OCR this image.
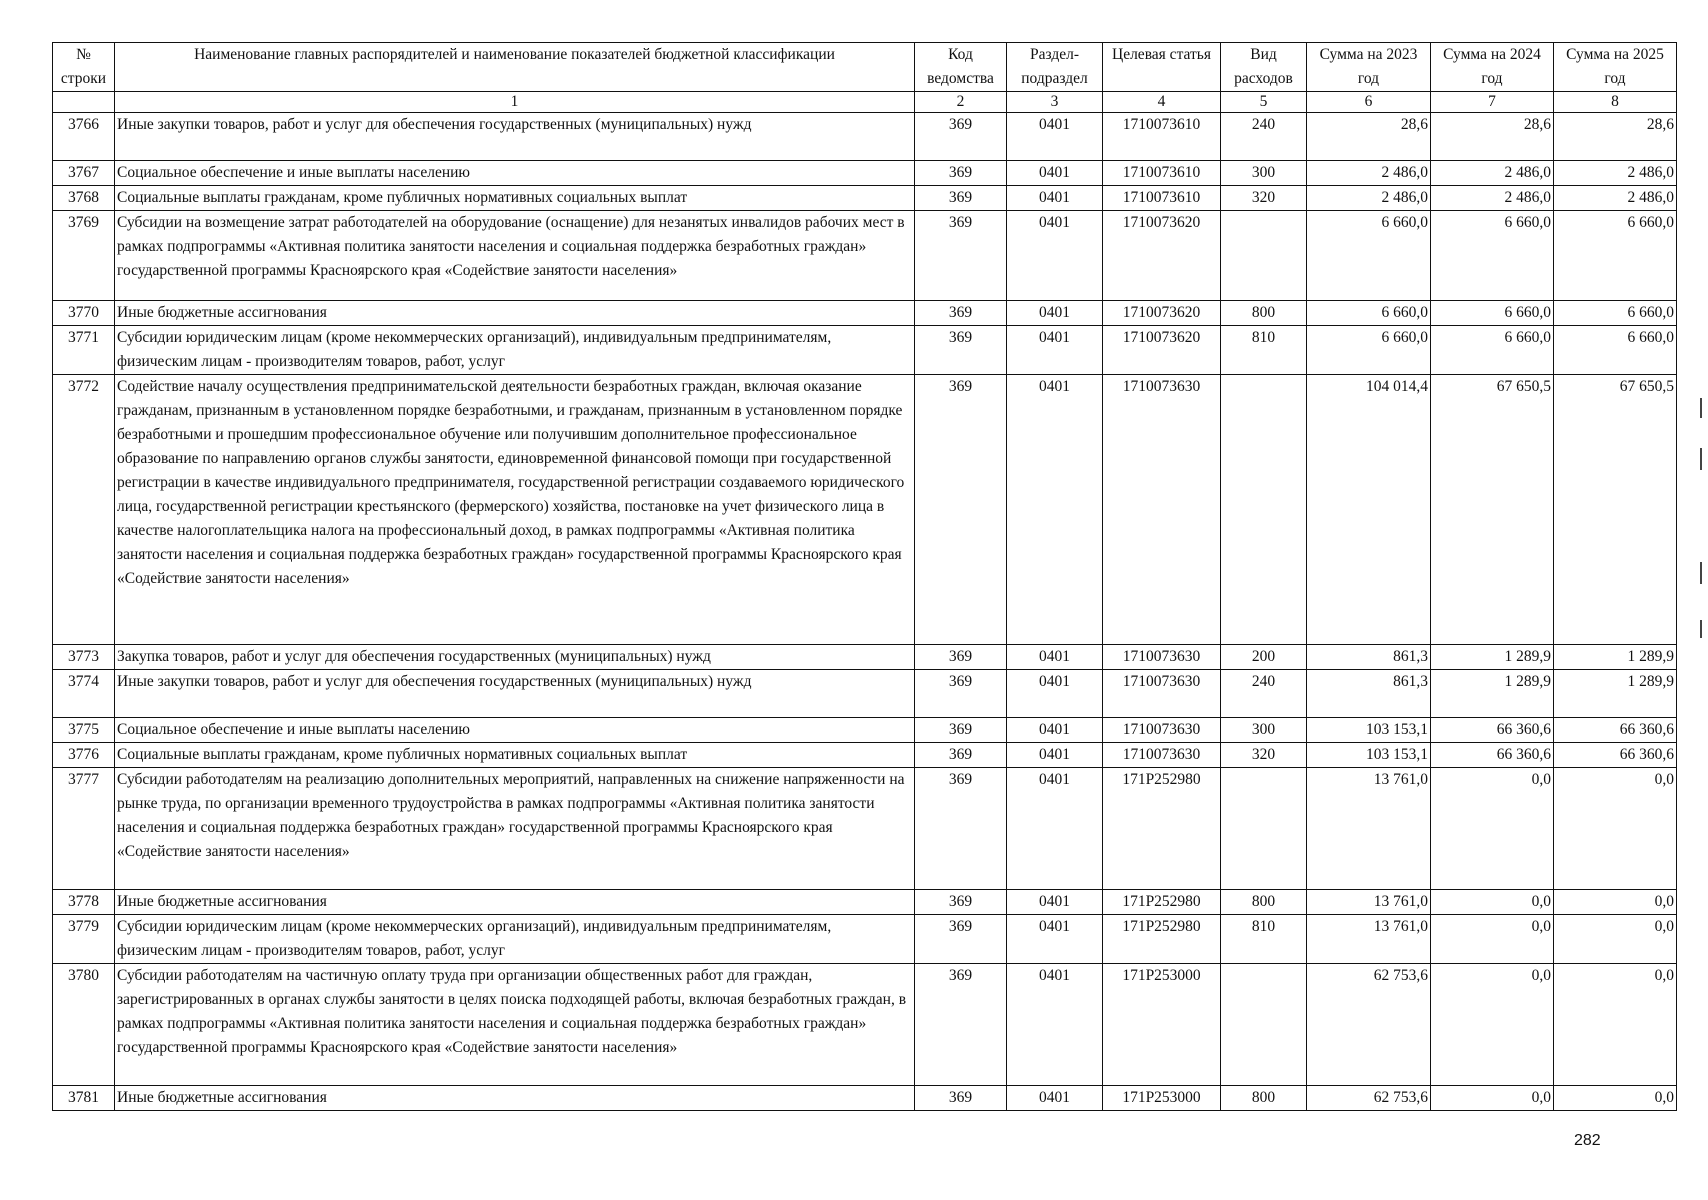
№ строки	Наименование главных распорядителей и наименование показателей бюджетной классификации	Код ведомства	Раздел-подраздел	Целевая статья	Вид расходов	Сумма на 2023 год	Сумма на 2024 год	Сумма на 2025 год
	1	2	3	4	5	6	7	8
3766	Иные закупки товаров, работ и услуг для обеспечения государственных (муниципальных) нужд	369	0401	1710073610	240	28,6	28,6	28,6
3767	Социальное обеспечение и иные выплаты населению	369	0401	1710073610	300	2 486,0	2 486,0	2 486,0
3768	Социальные выплаты гражданам, кроме публичных нормативных социальных выплат	369	0401	1710073610	320	2 486,0	2 486,0	2 486,0
3769	Субсидии на возмещение затрат работодателей на оборудование (оснащение) для незанятых инвалидов рабочих мест в рамках подпрограммы «Активная политика занятости населения и социальная поддержка безработных граждан» государственной программы Красноярского края «Содействие занятости населения»	369	0401	1710073620		6 660,0	6 660,0	6 660,0
3770	Иные бюджетные ассигнования	369	0401	1710073620	800	6 660,0	6 660,0	6 660,0
3771	Субсидии юридическим лицам (кроме некоммерческих организаций), индивидуальным предпринимателям, физическим лицам - производителям товаров, работ, услуг	369	0401	1710073620	810	6 660,0	6 660,0	6 660,0
3772	Содействие началу осуществления предпринимательской деятельности безработных граждан, включая оказание гражданам, признанным в установленном порядке безработными, и гражданам, признанным в установленном порядке безработными и прошедшим профессиональное обучение или получившим дополнительное профессиональное образование по направлению органов службы занятости, единовременной финансовой помощи при государственной регистрации в качестве индивидуального предпринимателя, государственной регистрации создаваемого юридического лица, государственной регистрации крестьянского (фермерского) хозяйства, постановке на учет физического лица в качестве налогоплательщика налога на профессиональный доход, в рамках подпрограммы «Активная политика занятости населения и социальная поддержка безработных граждан» государственной программы Красноярского края «Содействие занятости населения»	369	0401	1710073630		104 014,4	67 650,5	67 650,5
3773	Закупка товаров, работ и услуг для обеспечения государственных (муниципальных) нужд	369	0401	1710073630	200	861,3	1 289,9	1 289,9
3774	Иные закупки товаров, работ и услуг для обеспечения государственных (муниципальных) нужд	369	0401	1710073630	240	861,3	1 289,9	1 289,9
3775	Социальное обеспечение и иные выплаты населению	369	0401	1710073630	300	103 153,1	66 360,6	66 360,6
3776	Социальные выплаты гражданам, кроме публичных нормативных социальных выплат	369	0401	1710073630	320	103 153,1	66 360,6	66 360,6
3777	Субсидии работодателям на реализацию дополнительных мероприятий, направленных на снижение напряженности на рынке труда, по организации временного трудоустройства в рамках подпрограммы «Активная политика занятости населения и социальная поддержка безработных граждан» государственной программы Красноярского края «Содействие занятости населения»	369	0401	171P252980		13 761,0	0,0	0,0
3778	Иные бюджетные ассигнования	369	0401	171P252980	800	13 761,0	0,0	0,0
3779	Субсидии юридическим лицам (кроме некоммерческих организаций), индивидуальным предпринимателям, физическим лицам - производителям товаров, работ, услуг	369	0401	171P252980	810	13 761,0	0,0	0,0
3780	Субсидии работодателям на частичную оплату труда при организации общественных работ для граждан, зарегистрированных в органах службы занятости в целях поиска подходящей работы, включая безработных граждан, в рамках подпрограммы «Активная политика занятости населения и социальная поддержка безработных граждан» государственной программы Красноярского края «Содействие занятости населения»	369	0401	171P253000		62 753,6	0,0	0,0
3781	Иные бюджетные ассигнования	369	0401	171P253000	800	62 753,6	0,0	0,0
282
